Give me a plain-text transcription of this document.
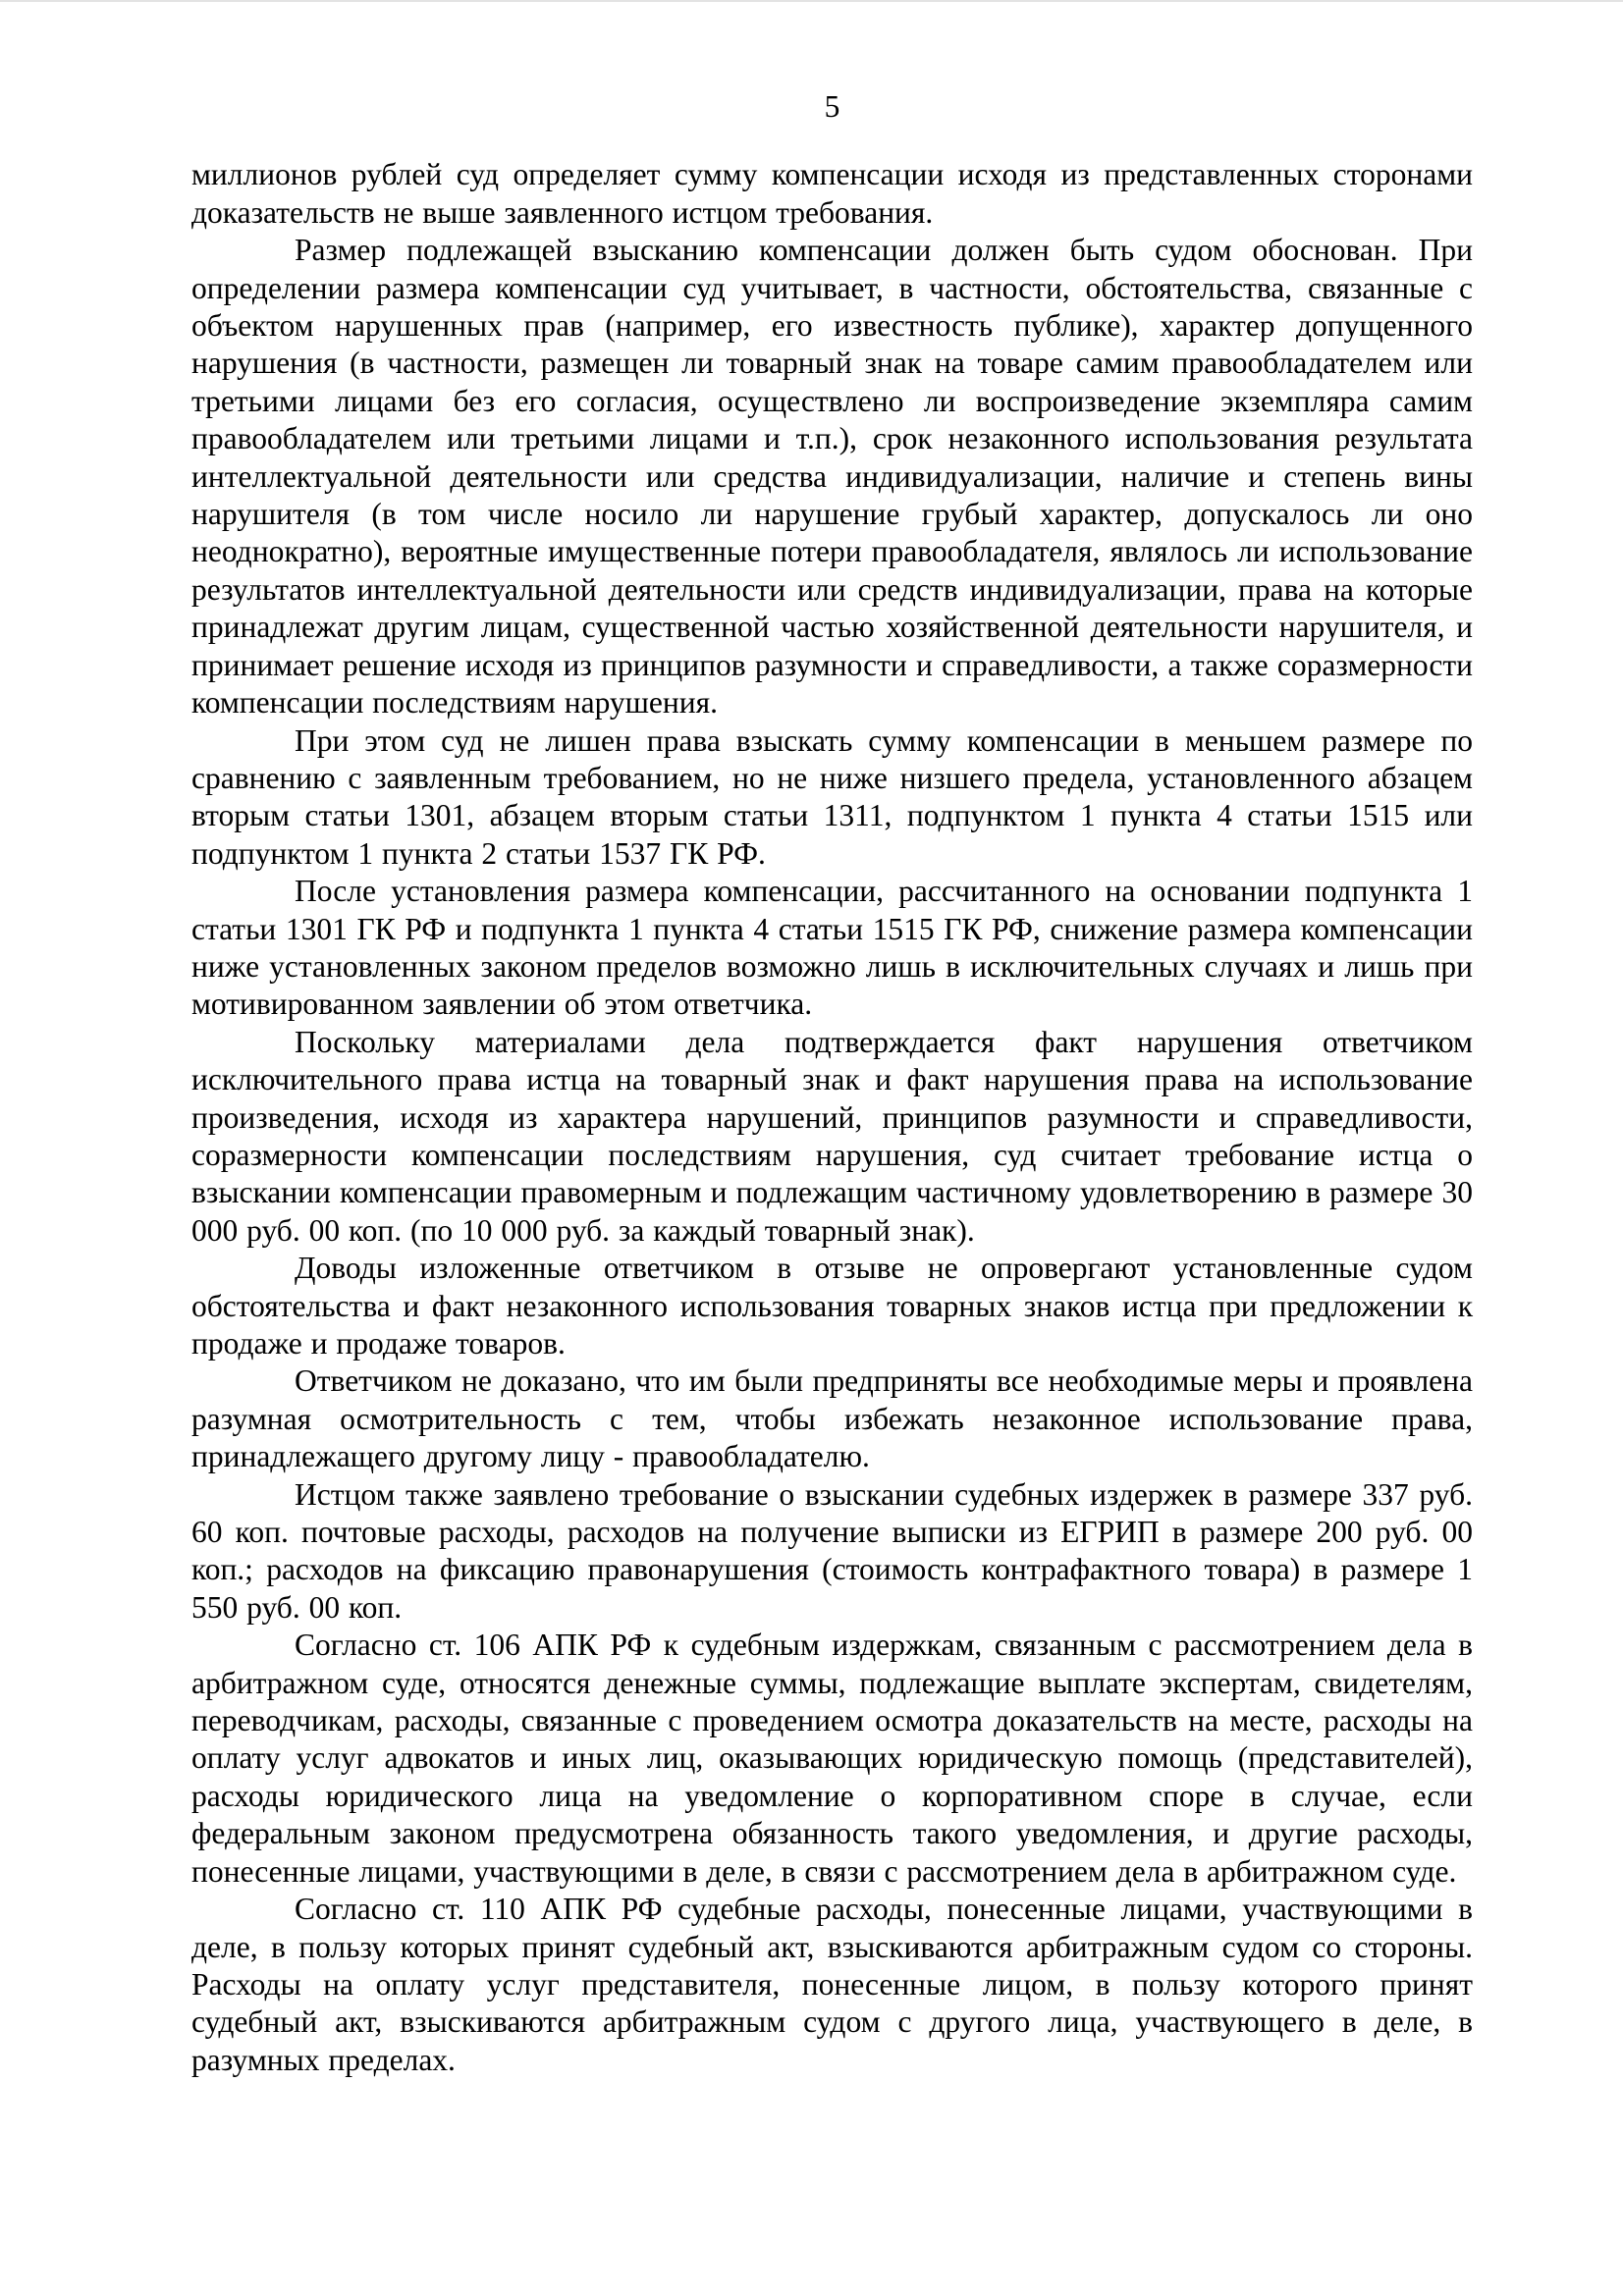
5

миллионов рублей суд определяет сумму компенсации исходя из представленных сторонами доказательств не выше заявленного истцом требования.

Размер подлежащей взысканию компенсации должен быть судом обоснован. При определении размера компенсации суд учитывает, в частности, обстоятельства, связанные с объектом нарушенных прав (например, его известность публике), характер допущенного нарушения (в частности, размещен ли товарный знак на товаре самим правообладателем или третьими лицами без его согласия, осуществлено ли воспроизведение экземпляра самим правообладателем или третьими лицами и т.п.), срок незаконного использования результата интеллектуальной деятельности или средства индивидуализации, наличие и степень вины нарушителя (в том числе носило ли нарушение грубый характер, допускалось ли оно неоднократно), вероятные имущественные потери правообладателя, являлось ли использование результатов интеллектуальной деятельности или средств индивидуализации, права на которые принадлежат другим лицам, существенной частью хозяйственной деятельности нарушителя, и принимает решение исходя из принципов разумности и справедливости, а также соразмерности компенсации последствиям нарушения.

При этом суд не лишен права взыскать сумму компенсации в меньшем размере по сравнению с заявленным требованием, но не ниже низшего предела, установленного абзацем вторым статьи 1301, абзацем вторым статьи 1311, подпунктом 1 пункта 4 статьи 1515 или подпунктом 1 пункта 2 статьи 1537 ГК РФ.

После установления размера компенсации, рассчитанного на основании подпункта 1 статьи 1301 ГК РФ и подпункта 1 пункта 4 статьи 1515 ГК РФ, снижение размера компенсации ниже установленных законом пределов возможно лишь в исключительных случаях и лишь при мотивированном заявлении об этом ответчика.

Поскольку материалами дела подтверждается факт нарушения ответчиком исключительного права истца на товарный знак и факт нарушения права на использование произведения, исходя из характера нарушений, принципов разумности и справедливости, соразмерности компенсации последствиям нарушения, суд считает требование истца о взыскании компенсации правомерным и подлежащим частичному удовлетворению в размере 30 000 руб. 00 коп. (по 10 000 руб. за каждый товарный знак).

Доводы изложенные ответчиком в отзыве не опровергают установленные судом обстоятельства и факт незаконного использования товарных знаков истца при предложении к продаже и продаже товаров.

Ответчиком не доказано, что им были предприняты все необходимые меры и проявлена разумная осмотрительность с тем, чтобы избежать незаконное использование права, принадлежащего другому лицу - правообладателю.

Истцом также заявлено требование о взыскании судебных издержек в размере 337 руб. 60 коп. почтовые расходы, расходов на получение выписки из ЕГРИП в размере 200 руб. 00 коп.; расходов на фиксацию правонарушения (стоимость контрафактного товара) в размере 1 550 руб. 00 коп.

Согласно ст. 106 АПК РФ к судебным издержкам, связанным с рассмотрением дела в арбитражном суде, относятся денежные суммы, подлежащие выплате экспертам, свидетелям, переводчикам, расходы, связанные с проведением осмотра доказательств на месте, расходы на оплату услуг адвокатов и иных лиц, оказывающих юридическую помощь (представителей), расходы юридического лица на уведомление о корпоративном споре в случае, если федеральным законом предусмотрена обязанность такого уведомления, и другие расходы, понесенные лицами, участвующими в деле, в связи с рассмотрением дела в арбитражном суде.

Согласно ст. 110 АПК РФ судебные расходы, понесенные лицами, участвующими в деле, в пользу которых принят судебный акт, взыскиваются арбитражным судом со стороны. Расходы на оплату услуг представителя, понесенные лицом, в пользу которого принят судебный акт, взыскиваются арбитражным судом с другого лица, участвующего в деле, в разумных пределах.
